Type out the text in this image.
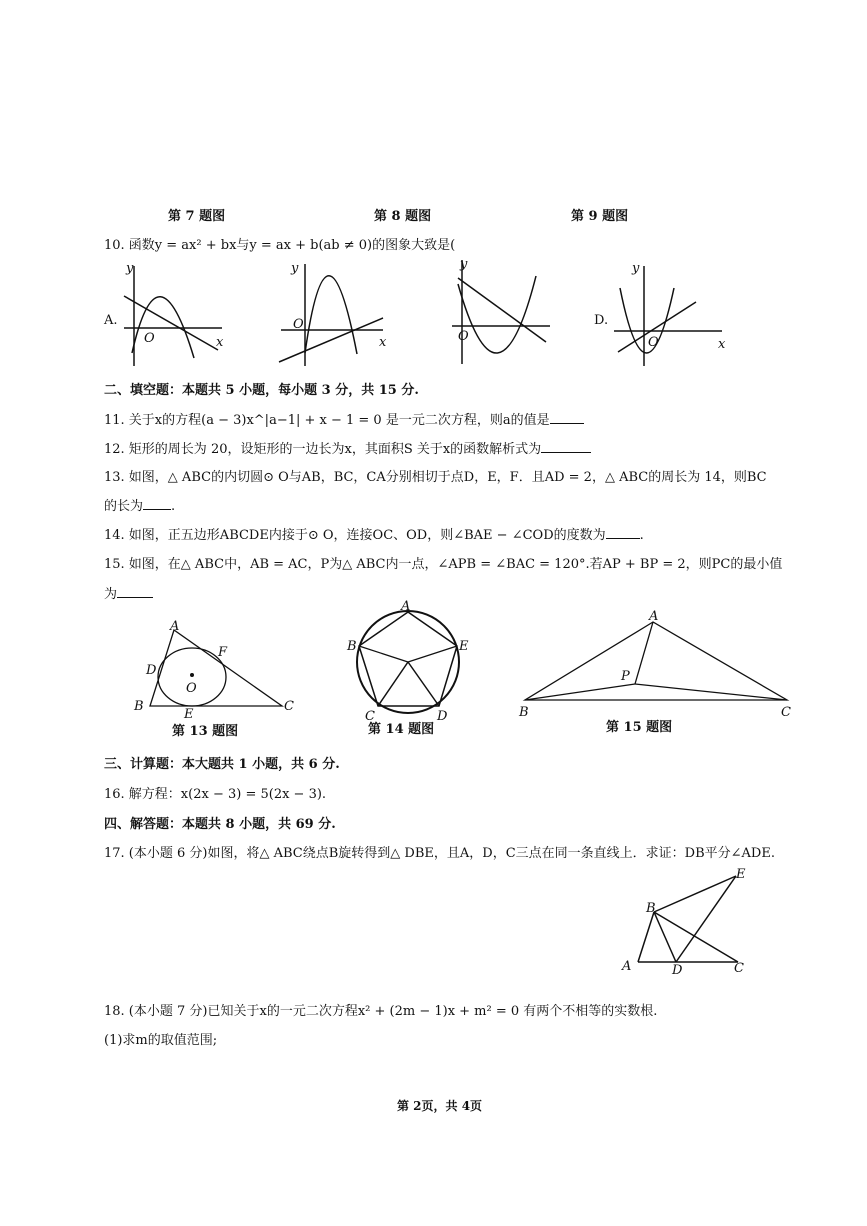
第 7 题图	第 8 题图	第 9 题图
10. 函数y = ax² + bx与y = ax + b(ab ≠ 0)的图象大致是(
A.
y
x
O
y
x
O
y
O
D.
y
x
O
二、填空题：本题共 5 小题，每小题 3 分，共 15 分.
11. 关于x的方程(a − 3)x^|a−1| + x − 1 = 0 是一元二次方程，则a的值是
12. 矩形的周长为 20，设矩形的一边长为x，其面积S 关于x的函数解析式为
13. 如图，△ ABC的内切圆⊙ O与AB，BC，CA分别相切于点D，E，F．且AD = 2，△ ABC的周长为 14，则BC
的长为 .
14. 如图，正五边形ABCDE内接于⊙ O，连接OC、OD，则∠BAE − ∠COD的度数为	.
15. 如图，在△ ABC中，AB = AC，P为△ ABC内一点，∠APB = ∠BAC = 120°.若AP + BP = 2，则PC的最小值
为
A
B	C
D
E
F
O
第 13 题图
A
B
C	D
E
第 14 题图
A
B	C
P
第 15 题图
三、计算题：本大题共 1 小题，共 6 分.
16. 解方程：x(2x − 3) = 5(2x − 3).
四、解答题：本题共 8 小题，共 69 分.
17. (本小题 6 分)如图，将△ ABC绕点B旋转得到△ DBE，且A，D，C三点在同一条直线上．求证：DB平分∠ADE.
A
B
C
D
E
18. (本小题 7 分)已知关于x的一元二次方程x² + (2m − 1)x + m² = 0 有两个不相等的实数根.
(1)求m的取值范围;
第 2页，共 4页
